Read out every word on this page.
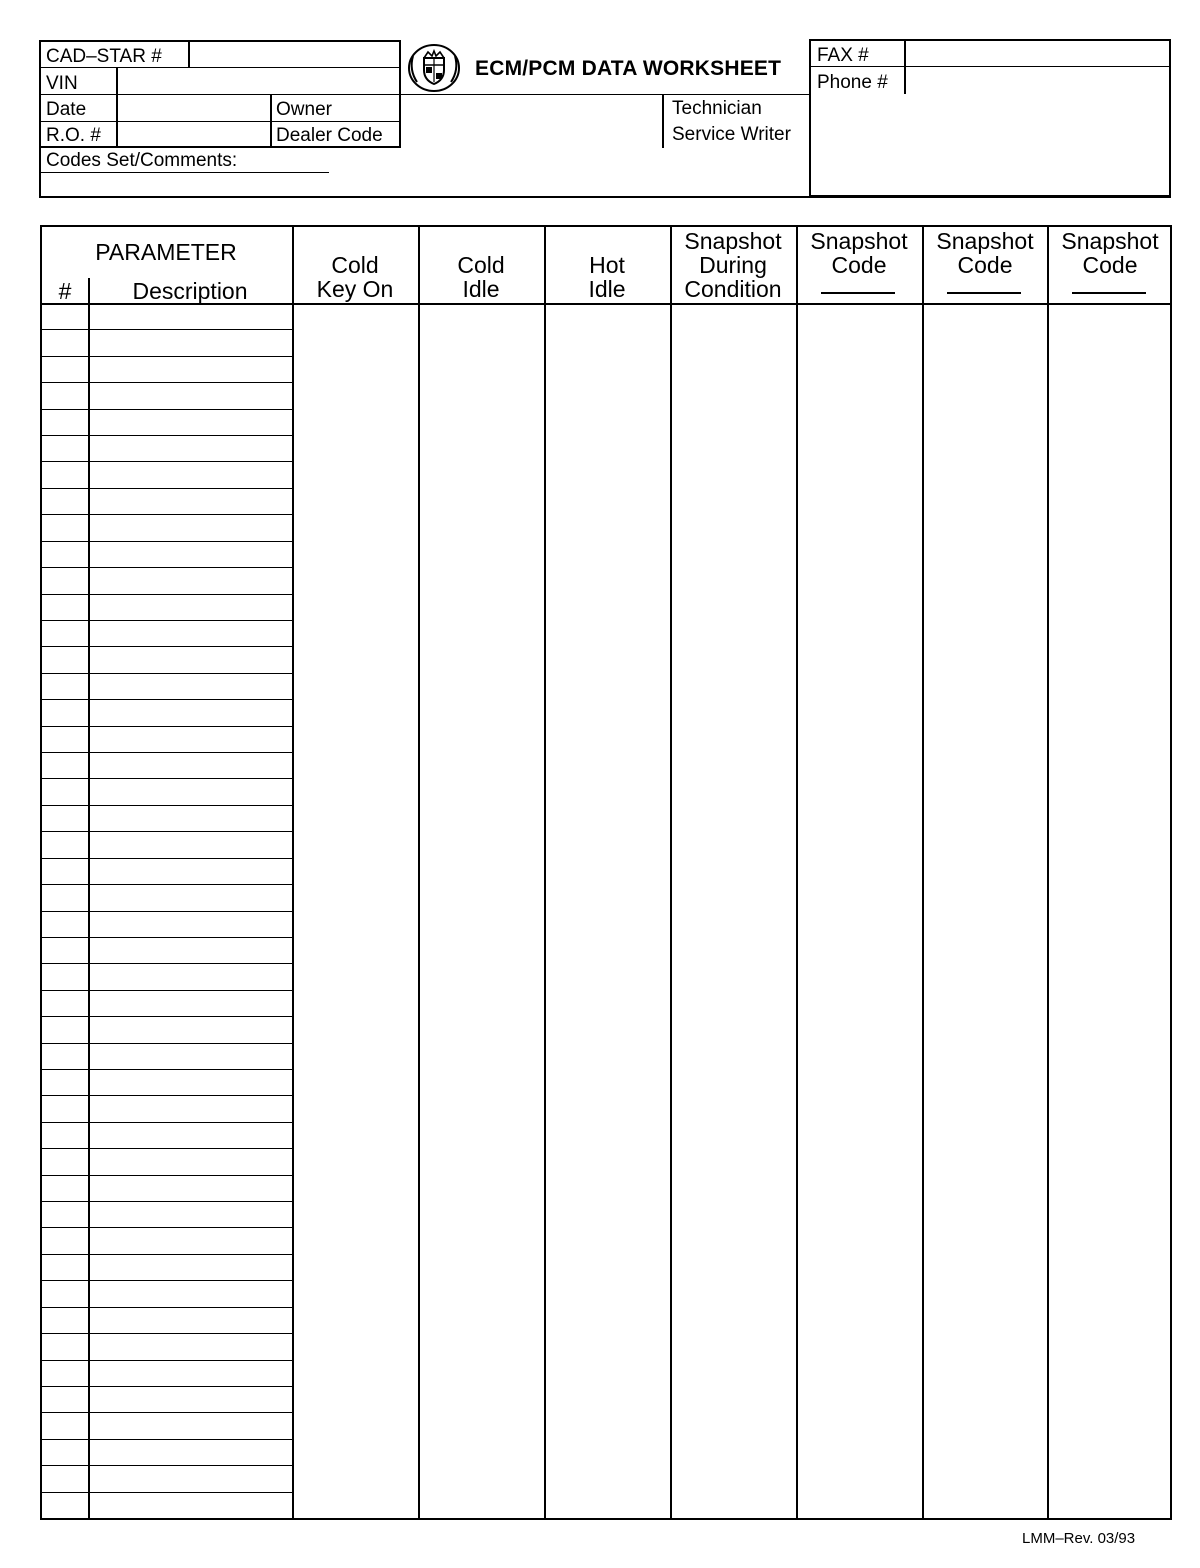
CAD–STAR #
VIN
Date
R.O. #
Owner
Dealer Code
ECM/PCM DATA WORKSHEET
Technician
Service Writer
FAX #
Phone #
Codes Set/Comments:
PARAMETER
#	Description
Cold
Key On
Cold
Idle
Hot
Idle
Snapshot
During
Condition
Snapshot
Code
Snapshot
Code
Snapshot
Code
LMM–Rev. 03/93
